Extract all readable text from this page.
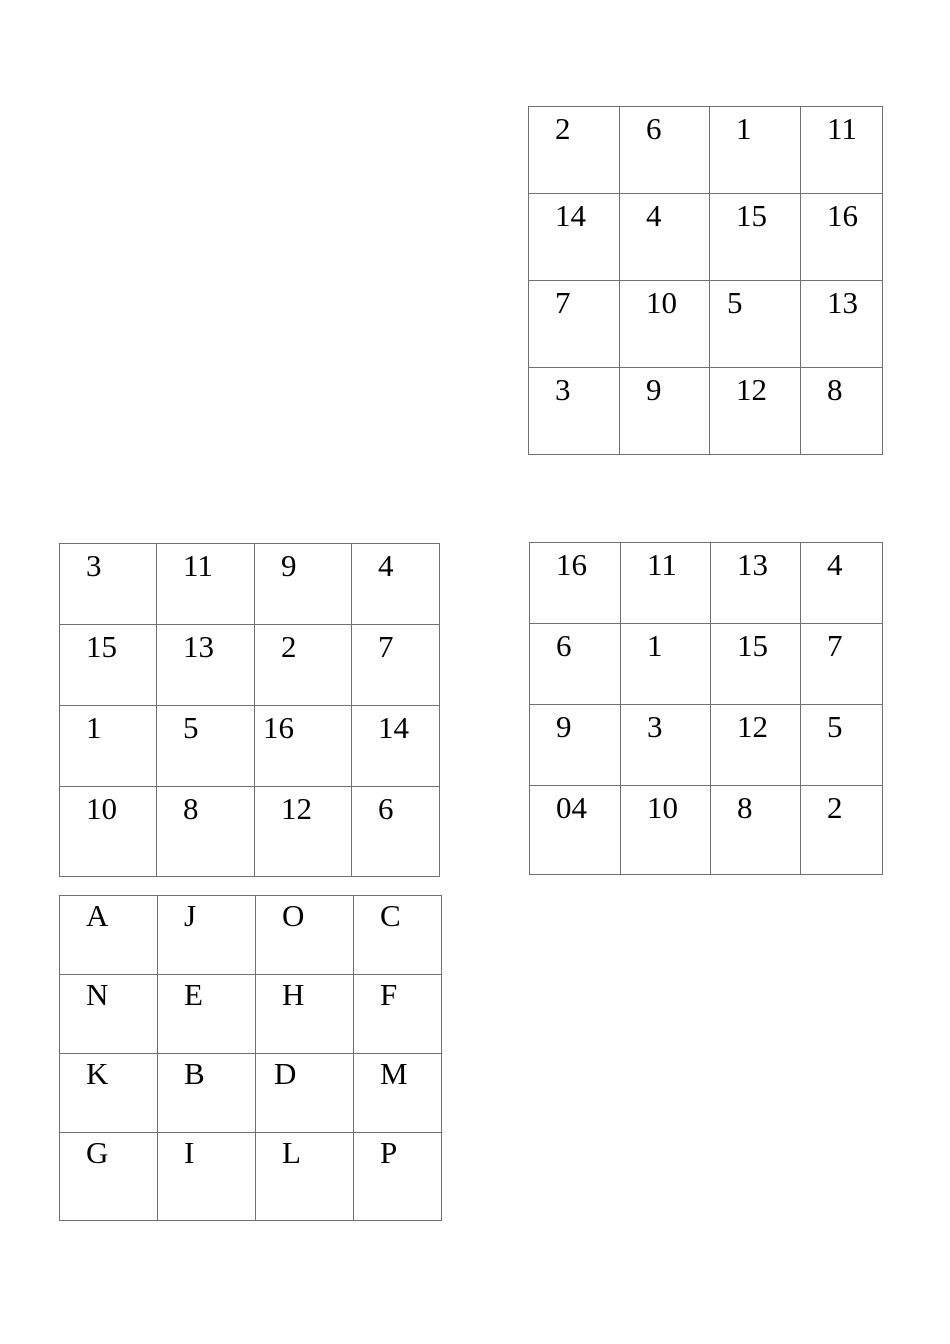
2	6	1	11

14	4	15	16

7	10	5	13

3	9	12	8
3	11	9	4

15	13	2	7

1	5	16	14

10	8	12	6
16	11	13	4

6	1	15	7

9	3	12	5

04	10	8	2
A	J	O	C

N	E	H	F

K	B	D	M

G	I	L	P
